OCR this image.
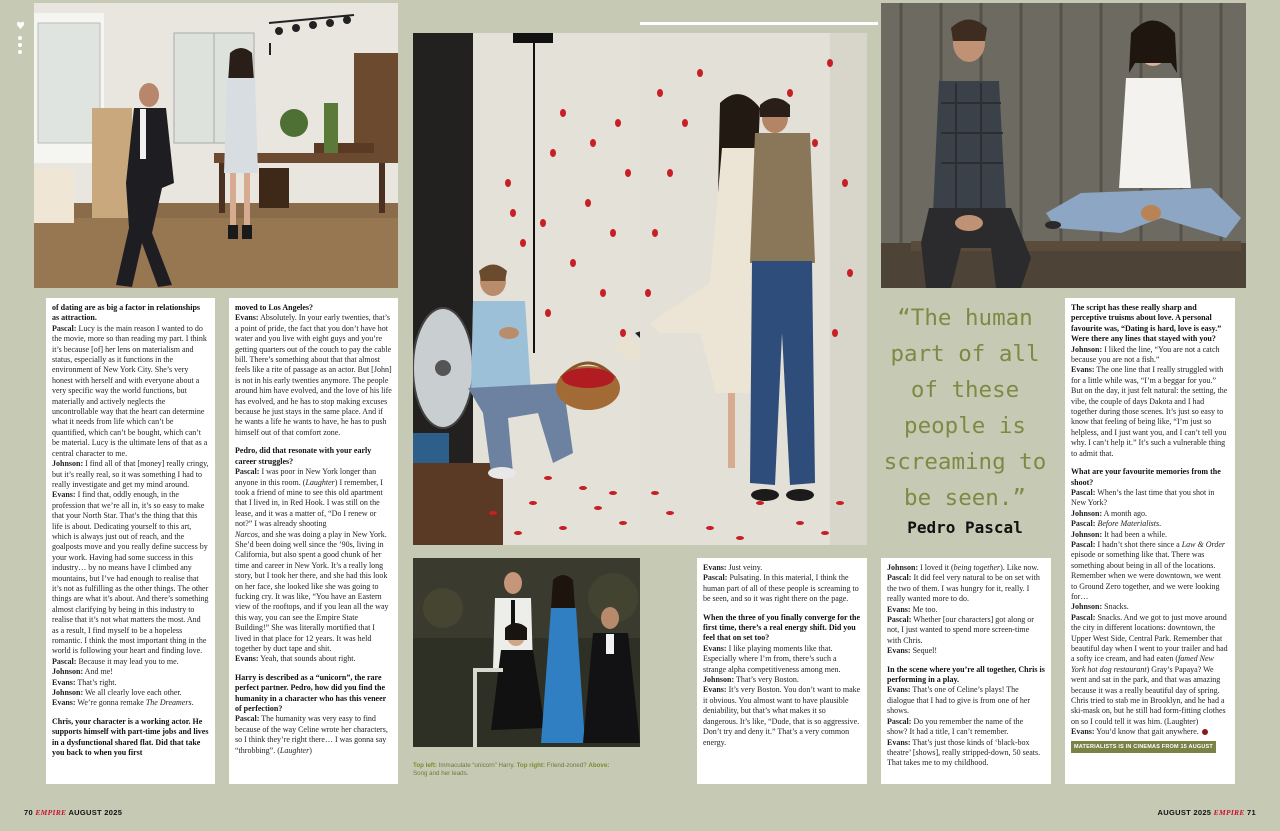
♥

of dating are as big a factor in relationships as attraction.

Pascal: Lucy is the main reason I wanted to do the movie, more so than reading my part. I think it’s because [of] her lens on materialism and status, especially as it functions in the environment of New York City. She’s very honest with herself and with everyone about a very specific way the world functions, but materially and actively neglects the uncontrollable way that the heart can determine what it needs from life which can’t be quantified, which can’t be bought, which can’t be material. Lucy is the ultimate lens of that as a central character to me.

Johnson: I find all of that [money] really cringy, but it’s really real, so it was something I had to really investigate and get my mind around.

Evans: I find that, oddly enough, in the profession that we’re all in, it’s so easy to make that your North Star. That’s the thing that this life is about. Dedicating yourself to this art, which is always just out of reach, and the goalposts move and you really define success by your work. Having had some success in this industry… by no means have I climbed any mountains, but I’ve had enough to realise that it’s not as fulfilling as the other things. The other things are what it’s about. And there’s something almost clarifying by being in this industry to realise that it’s not what matters the most. And as a result, I find myself to be a hopeless romantic. I think the most important thing in the world is following your heart and finding love.

Pascal: Because it may lead you to me.

Johnson: And me!

Evans: That’s right.

Johnson: We all clearly love each other.

Evans: We’re gonna remake The Dreamers.

Chris, your character is a working actor. He supports himself with part-time jobs and lives in a dysfunctional shared flat. Did that take you back to when you first

moved to Los Angeles?

Evans: Absolutely. In your early twenties, that’s a point of pride, the fact that you don’t have hot water and you live with eight guys and you’re getting quarters out of the couch to pay the cable bill. There’s something about that that almost feels like a rite of passage as an actor. But [John] is not in his early twenties anymore. The people around him have evolved, and the love of his life has evolved, and he has to stop making excuses because he just stays in the same place. And if he wants a life he wants to have, he has to push himself out of that comfort zone.

Pedro, did that resonate with your early career struggles?

Pascal: I was poor in New York longer than anyone in this room. (Laughter) I remember, I took a friend of mine to see this old apartment that I lived in, in Red Hook. I was still on the lease, and it was a matter of, “Do I renew or not?” I was already shooting

Narcos, and she was doing a play in New York. She’d been doing well since the ’90s, living in California, but also spent a good chunk of her time and career in New York. It’s a really long story, but I took her there, and she had this look on her face, she looked like she was going to fucking cry. It was like, “You have an Eastern view of the rooftops, and if you lean all the way this way, you can see the Empire State Building!” She was literally mortified that I lived in that place for 12 years. It was held together by duct tape and shit.

Evans: Yeah, that sounds about right.

Harry is described as a “unicorn”, the rare perfect partner. Pedro, how did you find the humanity in a character who has this veneer of perfection?

Pascal: The humanity was very easy to find because of the way Celine wrote her characters, so I think they’re right there… I was gonna say “throbbing”. (Laughter)

70 EMPIRE AUGUST 2025
“The human part of all of these people is screaming to be seen.”
Pedro Pascal

Evans: Just veiny.

Pascal: Pulsating. In this material, I think the human part of all of these people is screaming to be seen, and so it was right there on the page.

When the three of you finally converge for the first time, there’s a real energy shift. Did you feel that on set too?

Evans: I like playing moments like that. Especially where I’m from, there’s such a strange alpha competitiveness among men.

Johnson: That’s very Boston.

Evans: It’s very Boston. You don’t want to make it obvious. You almost want to have plausible deniability, but that’s what makes it so dangerous. It’s like, “Dude, that is so aggressive. Don’t try and deny it.” That’s a very common energy.

Johnson: I loved it (being together). Like now.

Pascal: It did feel very natural to be on set with the two of them. I was hungry for it, really. I really wanted more to do.

Evans: Me too.

Pascal: Whether [our characters] got along or not, I just wanted to spend more screen-time with Chris.

Evans: Sequel!

In the scene where you’re all together, Chris is performing in a play.

Evans: That’s one of Celine’s plays! The dialogue that I had to give is from one of her shows.

Pascal: Do you remember the name of the show? It had a title, I can’t remember.

Evans: That’s just those kinds of ‘black-box theatre’ [shows], really stripped-down, 50 seats. That takes me to my childhood.

The script has these really sharp and perceptive truisms about love. A personal favourite was, “Dating is hard, love is easy.” Were there any lines that stayed with you?

Johnson: I liked the line, “You are not a catch because you are not a fish.”

Evans: The one line that I really struggled with for a little while was, “I’m a beggar for you.” But on the day, it just felt natural: the setting, the vibe, the couple of days Dakota and I had together during those scenes. It’s just so easy to know that feeling of being like, “I’m just so helpless, and I just want you, and I can’t tell you why. I can’t help it.” It’s such a vulnerable thing to admit that.

What are your favourite memories from the shoot?

Pascal: When’s the last time that you shot in New York?

Johnson: A month ago.

Pascal: Before Materialists.

Johnson: It had been a while.

Pascal: I hadn’t shot there since a Law & Order episode or something like that. There was something about being in all of the locations. Remember when we were downtown, we went to Ground Zero together, and we were looking for…

Johnson: Snacks.

Pascal: Snacks. And we got to just move around the city in different locations: downtown, the Upper West Side, Central Park. Remember that beautiful day when I went to your trailer and had a softy ice cream, and had eaten (famed New York hot dog restaurant) Gray’s Papaya? We went and sat in the park, and that was amazing because it was a really beautiful day of spring. Chris tried to stab me in Brooklyn, and he had a ski-mask on, but he still had form-fitting clothes on so I could tell it was him. (Laughter)

Evans: You’d know that gait anywhere.

MATERIALISTS IS IN CINEMAS FROM 15 AUGUST

AUGUST 2025 EMPIRE 71
Top left: Immaculate “unicorn” Harry. Top right: Friend-zoned? Above: Song and her leads.
